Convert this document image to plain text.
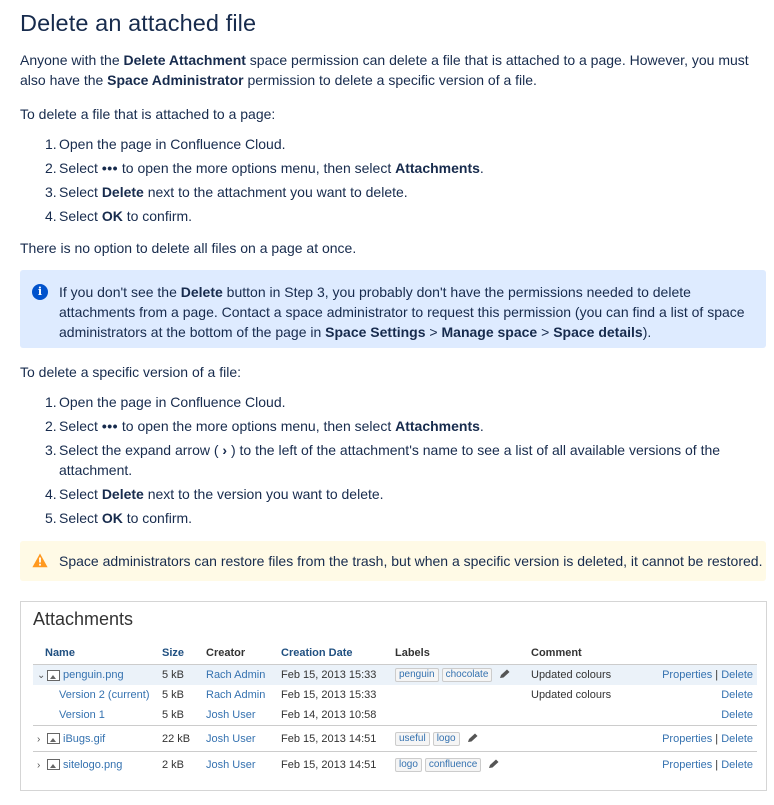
Delete an attached file
Anyone with the Delete Attachment space permission can delete a file that is attached to a page. However, you must also have the Space Administrator permission to delete a specific version of a file.
To delete a file that is attached to a page:
1. Open the page in Confluence Cloud.
2. Select ••• to open the more options menu, then select Attachments.
3. Select Delete next to the attachment you want to delete.
4. Select OK to confirm.
There is no option to delete all files on a page at once.
i	If you don't see the Delete button in Step 3, you probably don't have the permissions needed to delete attachments from a page. Contact a space administrator to request this permission (you can find a list of space administrators at the bottom of the page in Space Settings > Manage space > Space details).
To delete a specific version of a file:
1. Open the page in Confluence Cloud.
2. Select ••• to open the more options menu, then select Attachments.
3. Select the expand arrow ( › ) to the left of the attachment's name to see a list of all available versions of the attachment.
4. Select Delete next to the version you want to delete.
5. Select OK to confirm.
Space administrators can restore files from the trash, but when a specific version is deleted, it cannot be restored.
Attachments
Name	Size	Creator	Creation Date	Labels	Comment	
⌄ penguin.png	5 kB	Rach Admin	Feb 15, 2013 15:33	penguin chocolate	Updated colours	Properties | Delete
Version 2 (current)	5 kB	Rach Admin	Feb 15, 2013 15:33		Updated colours	Delete
Version 1	5 kB	Josh User	Feb 14, 2013 10:58			Delete
› iBugs.gif	22 kB	Josh User	Feb 15, 2013 14:51	useful logo		Properties | Delete
› sitelogo.png	2 kB	Josh User	Feb 15, 2013 14:51	logo confluence		Properties | Delete
